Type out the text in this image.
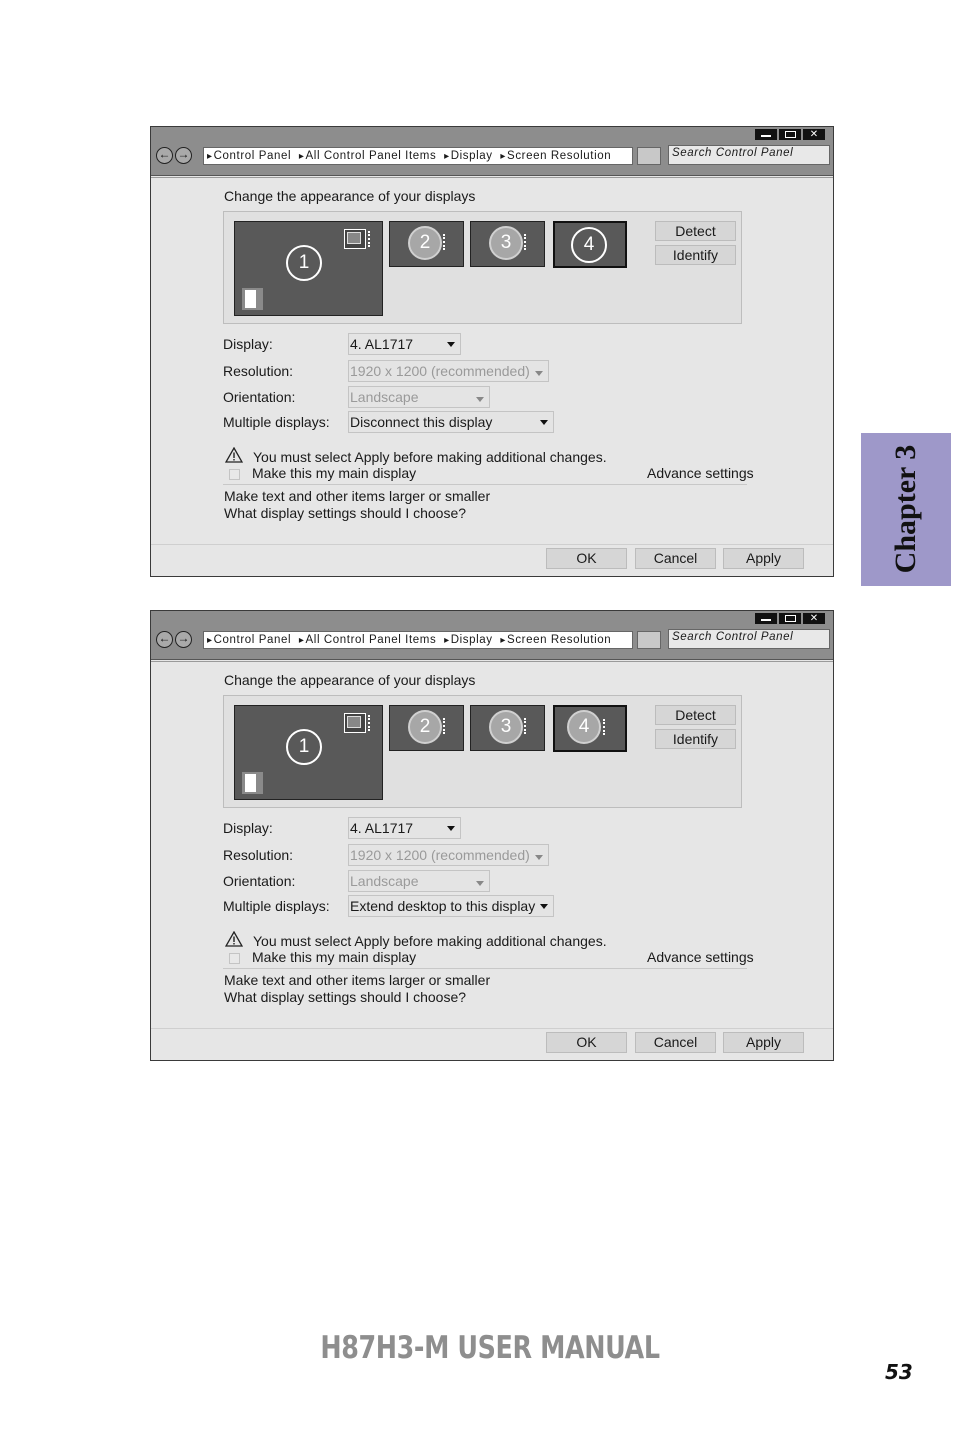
✕
← →	▸ Control Panel ▸ All Control Panel Items ▸ Display ▸ Screen Resolution	Search Control Panel
Change the appearance of your displays
1
2	3	4
Detect
Identify
Display:	4. AL1717
Resolution:	1920 x 1200 (recommended)
Orientation:	Landscape
Multiple displays: Disconnect this display
You must select Apply before making additional changes.
Make this my main display	Advance settings
Make text and other items larger or smaller
What display settings should I choose?
OK	Cancel	Apply
✕
← →	▸ Control Panel ▸ All Control Panel Items ▸ Display ▸ Screen Resolution	Search Control Panel
Change the appearance of your displays
1
2	3	4
Detect
Identify
Display:	4. AL1717
Resolution:	1920 x 1200 (recommended)
Orientation:	Landscape
Multiple displays: Extend desktop to this display
You must select Apply before making additional changes.
Make this my main display	Advance settings
Make text and other items larger or smaller
What display settings should I choose?
OK	Cancel	Apply
Chapter 3
H87H3-M USER MANUAL
53
